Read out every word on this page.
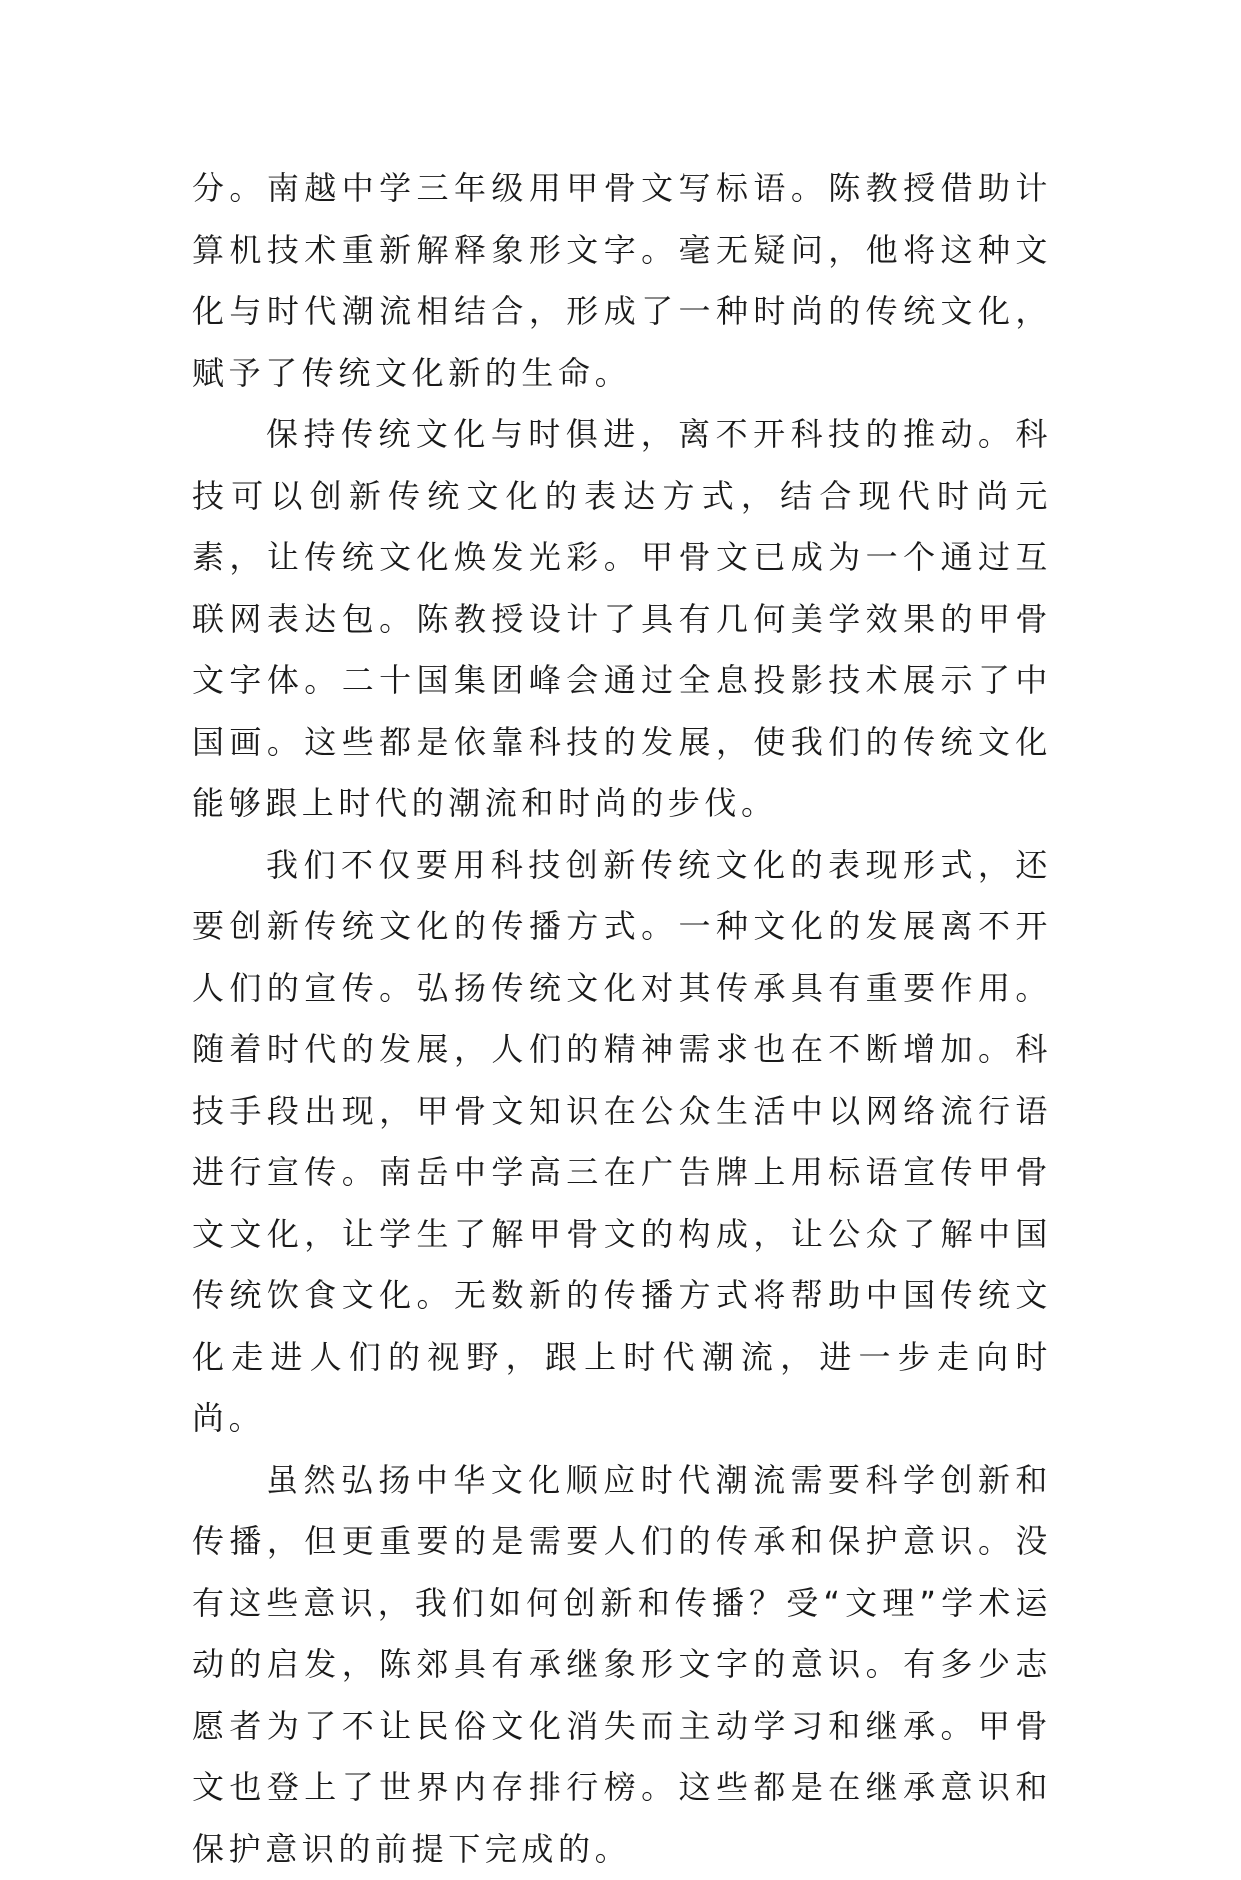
分。南越中学三年级用甲骨文写标语。陈教授借助计算机技术重新解释象形文字。毫无疑问，他将这种文化与时代潮流相结合，形成了一种时尚的传统文化，赋予了传统文化新的生命。

保持传统文化与时俱进，离不开科技的推动。科技可以创新传统文化的表达方式，结合现代时尚元素，让传统文化焕发光彩。甲骨文已成为一个通过互联网表达包。陈教授设计了具有几何美学效果的甲骨文字体。二十国集团峰会通过全息投影技术展示了中国画。这些都是依靠科技的发展，使我们的传统文化能够跟上时代的潮流和时尚的步伐。

我们不仅要用科技创新传统文化的表现形式，还要创新传统文化的传播方式。一种文化的发展离不开人们的宣传。弘扬传统文化对其传承具有重要作用。随着时代的发展，人们的精神需求也在不断增加。科技手段出现，甲骨文知识在公众生活中以网络流行语进行宣传。南岳中学高三在广告牌上用标语宣传甲骨文文化，让学生了解甲骨文的构成，让公众了解中国传统饮食文化。无数新的传播方式将帮助中国传统文化走进人们的视野，跟上时代潮流，进一步走向时尚。

虽然弘扬中华文化顺应时代潮流需要科学创新和传播，但更重要的是需要人们的传承和保护意识。没有这些意识，我们如何创新和传播？受“文理”学术运动的启发，陈郊具有承继象形文字的意识。有多少志愿者为了不让民俗文化消失而主动学习和继承。甲骨文也登上了世界内存排行榜。这些都是在继承意识和保护意识的前提下完成的。
